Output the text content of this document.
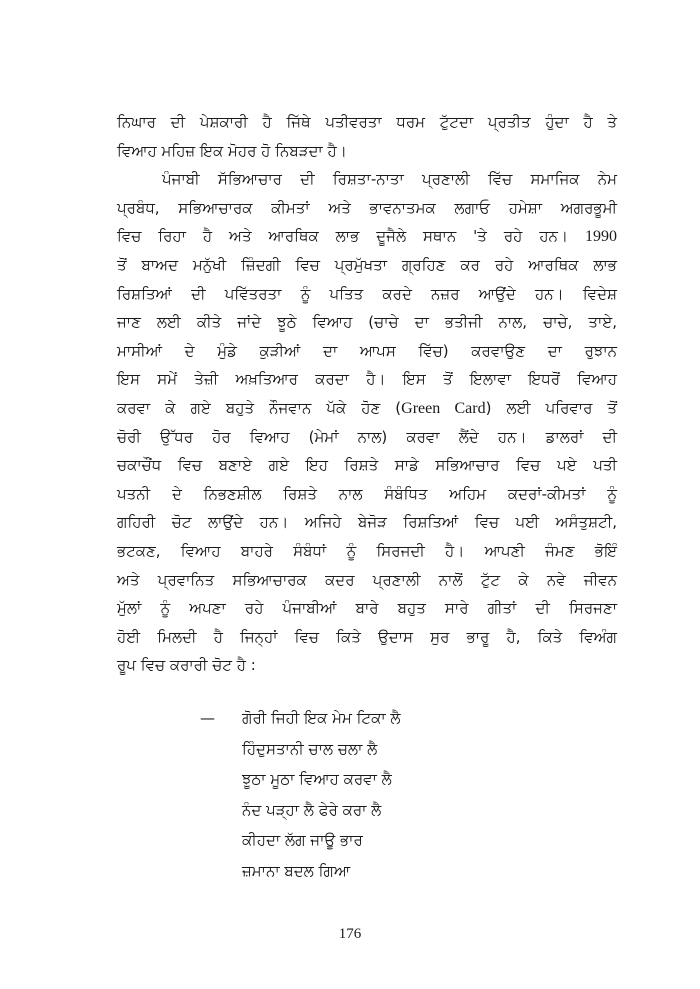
ਨਿਘਾਰ ਦੀ ਪੇਸ਼ਕਾਰੀ ਹੈ ਜਿੱਥੇ ਪਤੀਵਰਤਾ ਧਰਮ ਟੁੱਟਦਾ ਪ੍ਰਤੀਤ ਹੁੰਦਾ ਹੈ ਤੇ
ਵਿਆਹ ਮਹਿਜ਼ ਇਕ ਮੋਹਰ ਹੋ ਨਿਬੜਦਾ ਹੈ।
ਪੰਜਾਬੀ ਸੱਭਿਆਚਾਰ ਦੀ ਰਿਸ਼ਤਾ-ਨਾਤਾ ਪ੍ਰਣਾਲੀ ਵਿੱਚ ਸਮਾਜਿਕ ਨੇਮ
ਪ੍ਰਬੰਧ, ਸਭਿਆਚਾਰਕ ਕੀਮਤਾਂ ਅਤੇ ਭਾਵਨਾਤਮਕ ਲਗਾਓ ਹਮੇਸ਼ਾ ਅਗਰਭੂਮੀ
ਵਿਚ ਰਿਹਾ ਹੈ ਅਤੇ ਆਰਥਿਕ ਲਾਭ ਦੂਜੈਲੇ ਸਥਾਨ 'ਤੇ ਰਹੇ ਹਨ। 1990
ਤੋਂ ਬਾਅਦ ਮਨੁੱਖੀ ਜ਼ਿੰਦਗੀ ਵਿਚ ਪ੍ਰਮੁੱਖਤਾ ਗ੍ਰਹਿਣ ਕਰ ਰਹੇ ਆਰਥਿਕ ਲਾਭ
ਰਿਸ਼ਤਿਆਂ ਦੀ ਪਵਿੱਤਰਤਾ ਨੂੰ ਪਤਿਤ ਕਰਦੇ ਨਜ਼ਰ ਆਉਂਦੇ ਹਨ। ਵਿਦੇਸ਼
ਜਾਣ ਲਈ ਕੀਤੇ ਜਾਂਦੇ ਝੂਠੇ ਵਿਆਹ (ਚਾਚੇ ਦਾ ਭਤੀਜੀ ਨਾਲ, ਚਾਚੇ, ਤਾਏ,
ਮਾਸੀਆਂ ਦੇ ਮੁੰਡੇ ਕੁੜੀਆਂ ਦਾ ਆਪਸ ਵਿੱਚ) ਕਰਵਾਉਣ ਦਾ ਰੁਝਾਨ
ਇਸ ਸਮੇਂ ਤੇਜ਼ੀ ਅਖ਼ਤਿਆਰ ਕਰਦਾ ਹੈ। ਇਸ ਤੋਂ ਇਲਾਵਾ ਇਧਰੋਂ ਵਿਆਹ
ਕਰਵਾ ਕੇ ਗਏ ਬਹੁਤੇ ਨੌਜਵਾਨ ਪੱਕੇ ਹੋਣ (Green Card) ਲਈ ਪਰਿਵਾਰ ਤੋਂ
ਚੋਰੀ ਉੱਧਰ ਹੋਰ ਵਿਆਹ (ਮੇਮਾਂ ਨਾਲ) ਕਰਵਾ ਲੈਂਦੇ ਹਨ। ਡਾਲਰਾਂ ਦੀ
ਚਕਾਚੌਂਧ ਵਿਚ ਬਣਾਏ ਗਏ ਇਹ ਰਿਸ਼ਤੇ ਸਾਡੇ ਸਭਿਆਚਾਰ ਵਿਚ ਪਏ ਪਤੀ
ਪਤਨੀ ਦੇ ਨਿਭਣਸ਼ੀਲ ਰਿਸ਼ਤੇ ਨਾਲ ਸੰਬੰਧਿਤ ਅਹਿਮ ਕਦਰਾਂ-ਕੀਮਤਾਂ ਨੂੰ
ਗਹਿਰੀ ਚੋਟ ਲਾਉਂਦੇ ਹਨ। ਅਜਿਹੇ ਬੇਜੋੜ ਰਿਸ਼ਤਿਆਂ ਵਿਚ ਪਈ ਅਸੰਤੁਸ਼ਟੀ,
ਭਟਕਣ, ਵਿਆਹ ਬਾਹਰੇ ਸੰਬੰਧਾਂ ਨੂੰ ਸਿਰਜਦੀ ਹੈ। ਆਪਣੀ ਜੰਮਣ ਭੋਇੰ
ਅਤੇ ਪ੍ਰਵਾਨਿਤ ਸਭਿਆਚਾਰਕ ਕਦਰ ਪ੍ਰਣਾਲੀ ਨਾਲੋਂ ਟੁੱਟ ਕੇ ਨਵੇ ਜੀਵਨ
ਮੁੱਲਾਂ ਨੂੰ ਅਪਣਾ ਰਹੇ ਪੰਜਾਬੀਆਂ ਬਾਰੇ ਬਹੁਤ ਸਾਰੇ ਗੀਤਾਂ ਦੀ ਸਿਰਜਣਾ
ਹੋਈ ਮਿਲਦੀ ਹੈ ਜਿਨ੍ਹਾਂ ਵਿਚ ਕਿਤੇ ਉਦਾਸ ਸੁਰ ਭਾਰੂ ਹੈ, ਕਿਤੇ ਵਿਅੰਗ
ਰੂਪ ਵਿਚ ਕਰਾਰੀ ਚੋਟ ਹੈ :
— ਗੋਰੀ ਜਿਹੀ ਇਕ ਮੇਮ ਟਿਕਾ ਲੈ
ਹਿੰਦੁਸਤਾਨੀ ਚਾਲ ਚਲਾ ਲੈ
ਝੂਠਾ ਮੂਠਾ ਵਿਆਹ ਕਰਵਾ ਲੈ
ਨੰਦ ਪੜ੍ਹਾ ਲੈ ਫੇਰੇ ਕਰਾ ਲੈ
ਕੀਹਦਾ ਲੱਗ ਜਾਊ ਭਾਰ
ਜ਼ਮਾਨਾ ਬਦਲ ਗਿਆ
176
